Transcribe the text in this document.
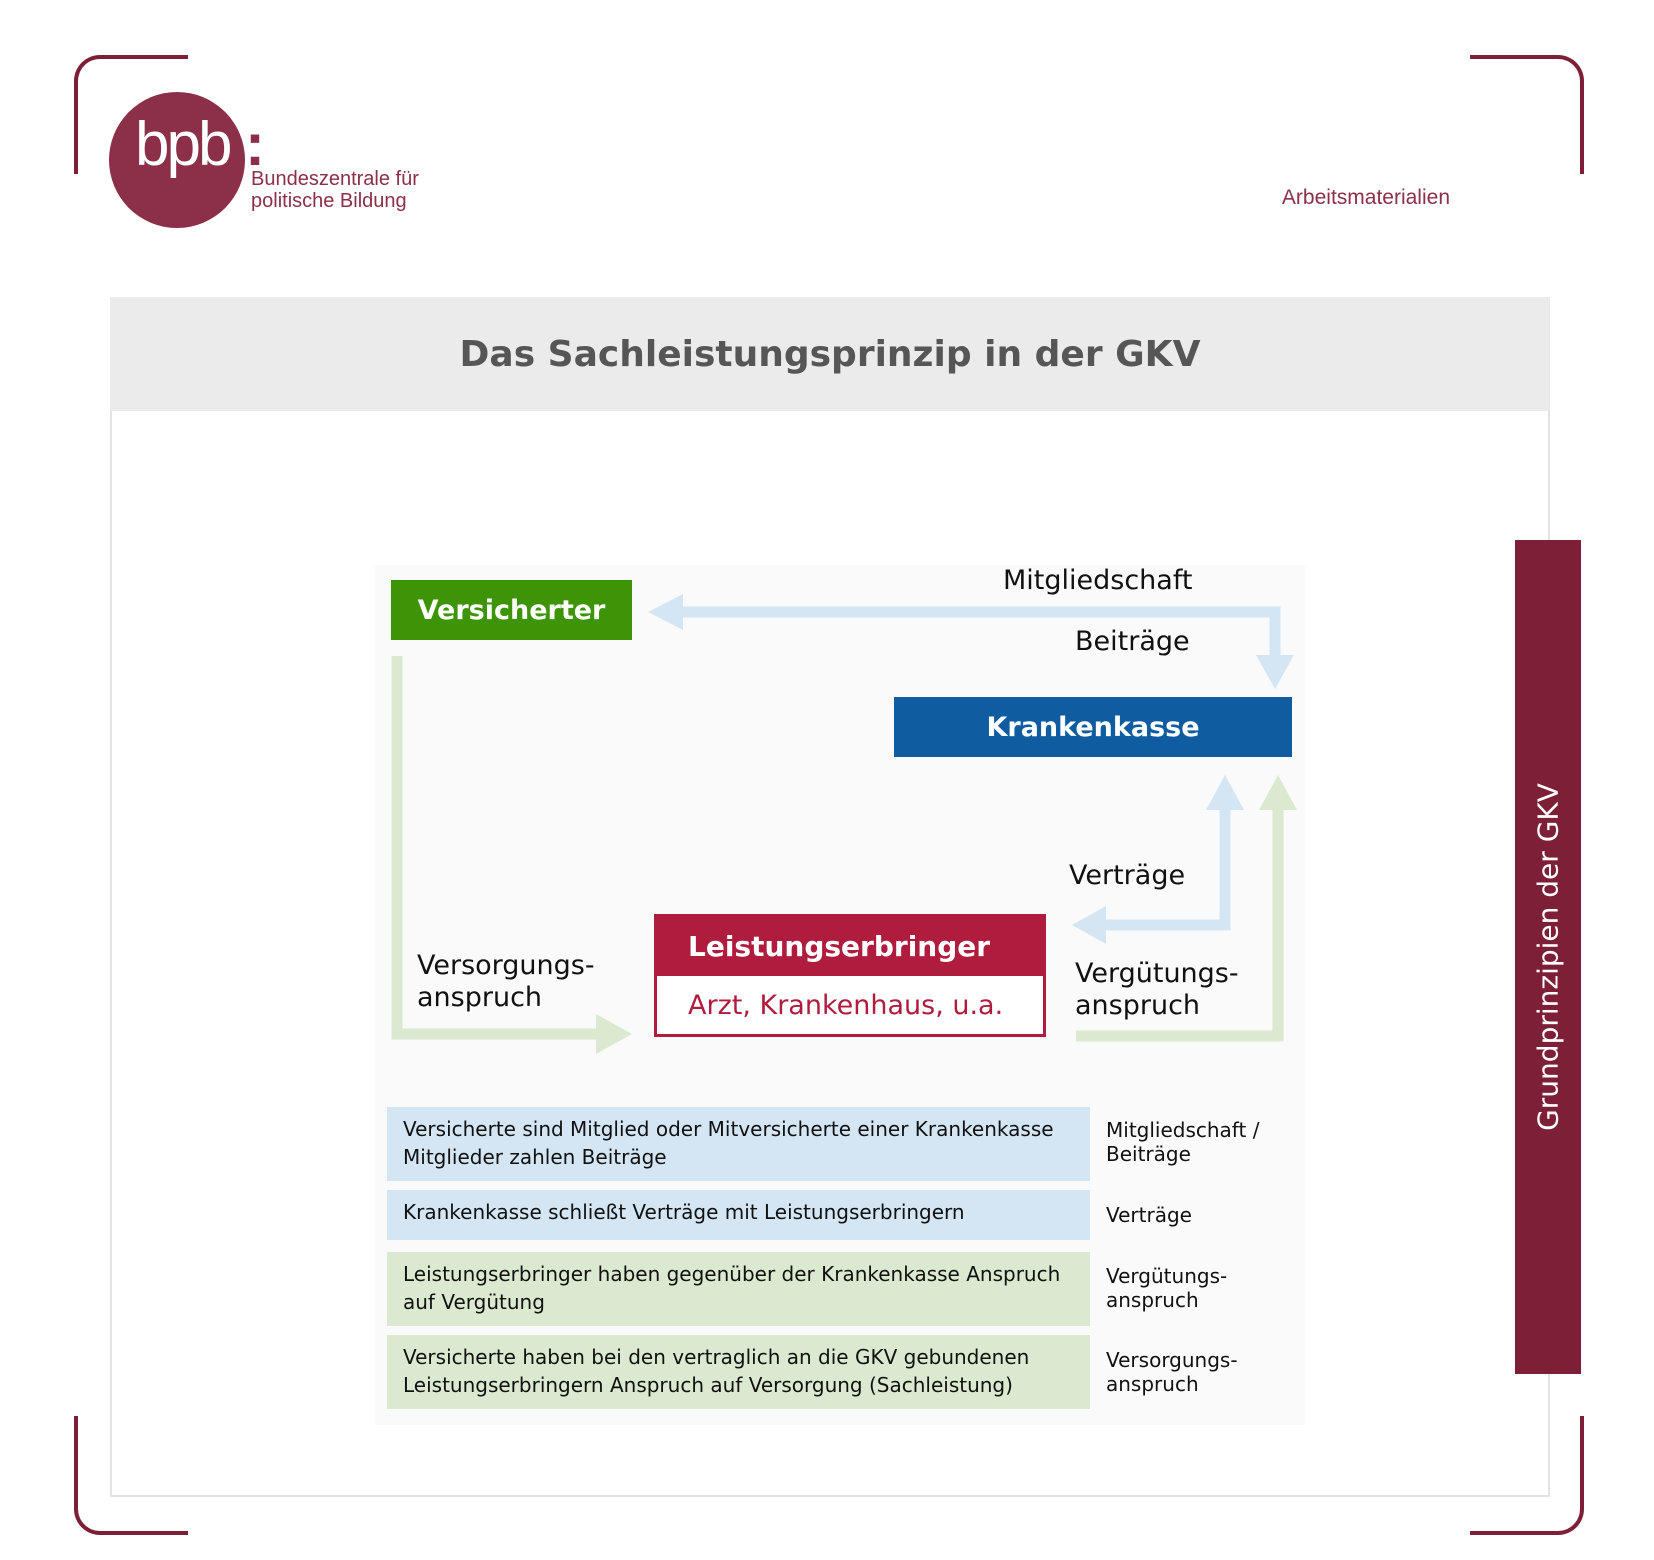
bpb :
Bundeszentrale für
politische Bildung	Arbeitsmaterialien
Das Sachleistungsprinzip in der GKV
Versicherter
Krankenkasse
Leistungserbringer
Arzt, Krankenhaus, u.a.
Mitgliedschaft
Beiträge
Verträge
Vergütungs-
anspruch
Versorgungs-
anspruch
Versicherte sind Mitglied oder Mitversicherte einer Krankenkasse
Mitglieder zahlen Beiträge
Mitgliedschaft /
Beiträge
Krankenkasse schließt Verträge mit Leistungserbringern	Verträge
Leistungserbringer haben gegenüber der Krankenkasse Anspruch
auf Vergütung
Vergütungs-
anspruch
Versicherte haben bei den vertraglich an die GKV gebundenen
Leistungserbringern Anspruch auf Versorgung (Sachleistung)
Versorgungs-
anspruch
Grundprinzipien der GKV
